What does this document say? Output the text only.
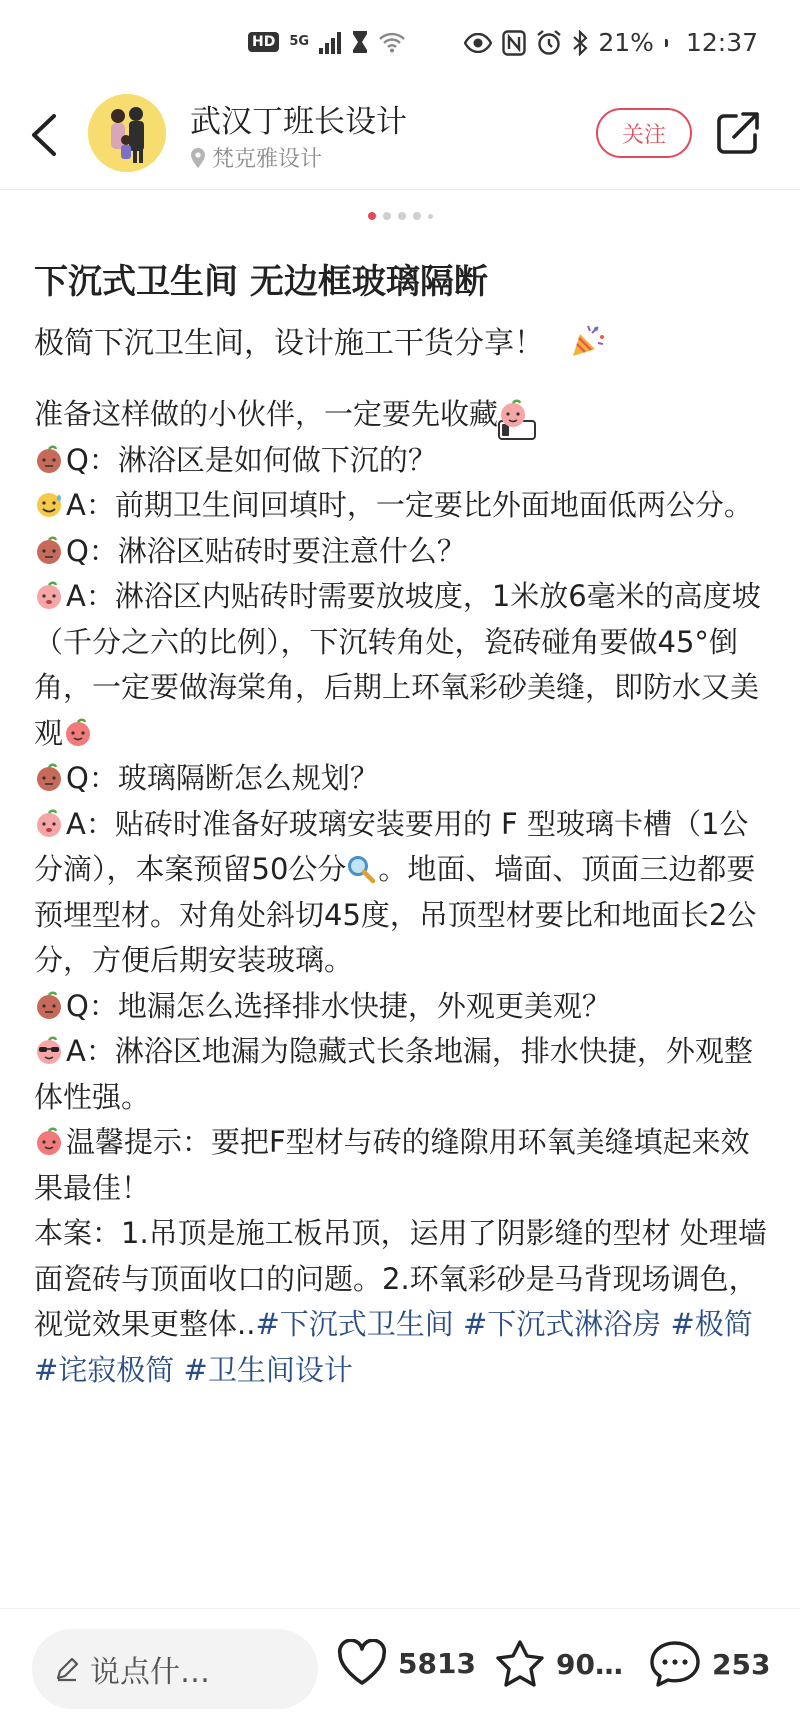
HD	5G	21% 12:37
武汉丁班长设计
梵克雅设计
关注
下沉式卫生间 无边框玻璃隔断
极简下沉卫生间，设计施工干货分享！

准备这样做的小伙伴，一定要先收藏

Q：淋浴区是如何做下沉的？

A：前期卫生间回填时，一定要比外面地面低两公分。

Q：淋浴区贴砖时要注意什么？

A：淋浴区内贴砖时需要放坡度，1米放6毫米的高度坡（千分之六的比例），下沉转角处，瓷砖碰角要做45°倒角，一定要做海棠角，后期上环氧彩砂美缝，即防水又美观

Q：玻璃隔断怎么规划？

A：贴砖时准备好玻璃安装要用的 F 型玻璃卡槽（1公分滴），本案预留50公分 。地面、墙面、顶面三边都要预埋型材。对角处斜切45度，吊顶型材要比和地面长2公分，方便后期安装玻璃。

Q：地漏怎么选择排水快捷，外观更美观？

A：淋浴区地漏为隐藏式长条地漏，排水快捷，外观整体性强。

温馨提示：要把F型材与砖的缝隙用环氧美缝填起来效果最佳！

本案：1.吊顶是施工板吊顶，运用了阴影缝的型材 处理墙面瓷砖与顶面收口的问题。2.环氧彩砂是马背现场调色，视觉效果更整体..#下沉式卫生间 #下沉式淋浴房 #极简 #诧寂极简 #卫生间设计

说点什…	5813	90…	253
